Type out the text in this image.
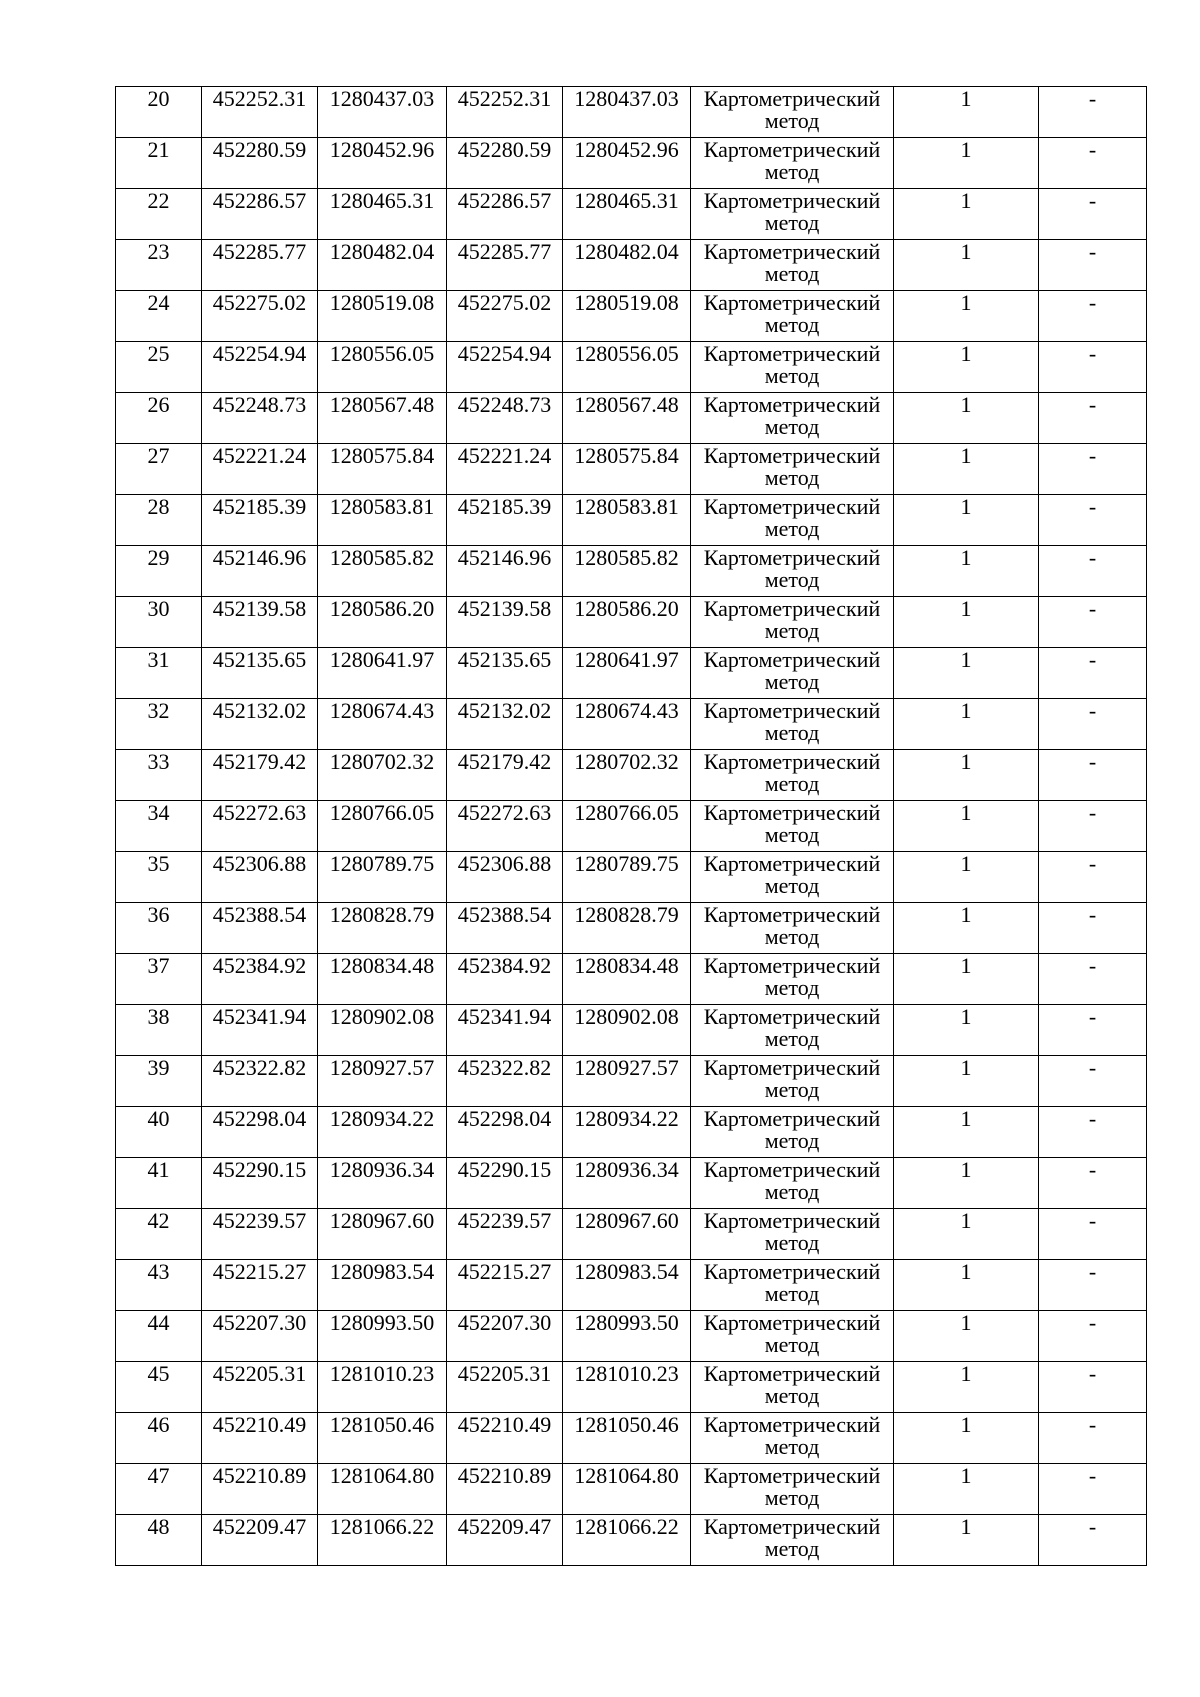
20	452252.31	1280437.03	452252.31	1280437.03	Картометрический
метод	1	-
21	452280.59	1280452.96	452280.59	1280452.96	Картометрический
метод	1	-
22	452286.57	1280465.31	452286.57	1280465.31	Картометрический
метод	1	-
23	452285.77	1280482.04	452285.77	1280482.04	Картометрический
метод	1	-
24	452275.02	1280519.08	452275.02	1280519.08	Картометрический
метод	1	-
25	452254.94	1280556.05	452254.94	1280556.05	Картометрический
метод	1	-
26	452248.73	1280567.48	452248.73	1280567.48	Картометрический
метод	1	-
27	452221.24	1280575.84	452221.24	1280575.84	Картометрический
метод	1	-
28	452185.39	1280583.81	452185.39	1280583.81	Картометрический
метод	1	-
29	452146.96	1280585.82	452146.96	1280585.82	Картометрический
метод	1	-
30	452139.58	1280586.20	452139.58	1280586.20	Картометрический
метод	1	-
31	452135.65	1280641.97	452135.65	1280641.97	Картометрический
метод	1	-
32	452132.02	1280674.43	452132.02	1280674.43	Картометрический
метод	1	-
33	452179.42	1280702.32	452179.42	1280702.32	Картометрический
метод	1	-
34	452272.63	1280766.05	452272.63	1280766.05	Картометрический
метод	1	-
35	452306.88	1280789.75	452306.88	1280789.75	Картометрический
метод	1	-
36	452388.54	1280828.79	452388.54	1280828.79	Картометрический
метод	1	-
37	452384.92	1280834.48	452384.92	1280834.48	Картометрический
метод	1	-
38	452341.94	1280902.08	452341.94	1280902.08	Картометрический
метод	1	-
39	452322.82	1280927.57	452322.82	1280927.57	Картометрический
метод	1	-
40	452298.04	1280934.22	452298.04	1280934.22	Картометрический
метод	1	-
41	452290.15	1280936.34	452290.15	1280936.34	Картометрический
метод	1	-
42	452239.57	1280967.60	452239.57	1280967.60	Картометрический
метод	1	-
43	452215.27	1280983.54	452215.27	1280983.54	Картометрический
метод	1	-
44	452207.30	1280993.50	452207.30	1280993.50	Картометрический
метод	1	-
45	452205.31	1281010.23	452205.31	1281010.23	Картометрический
метод	1	-
46	452210.49	1281050.46	452210.49	1281050.46	Картометрический
метод	1	-
47	452210.89	1281064.80	452210.89	1281064.80	Картометрический
метод	1	-
48	452209.47	1281066.22	452209.47	1281066.22	Картометрический
метод	1	-
